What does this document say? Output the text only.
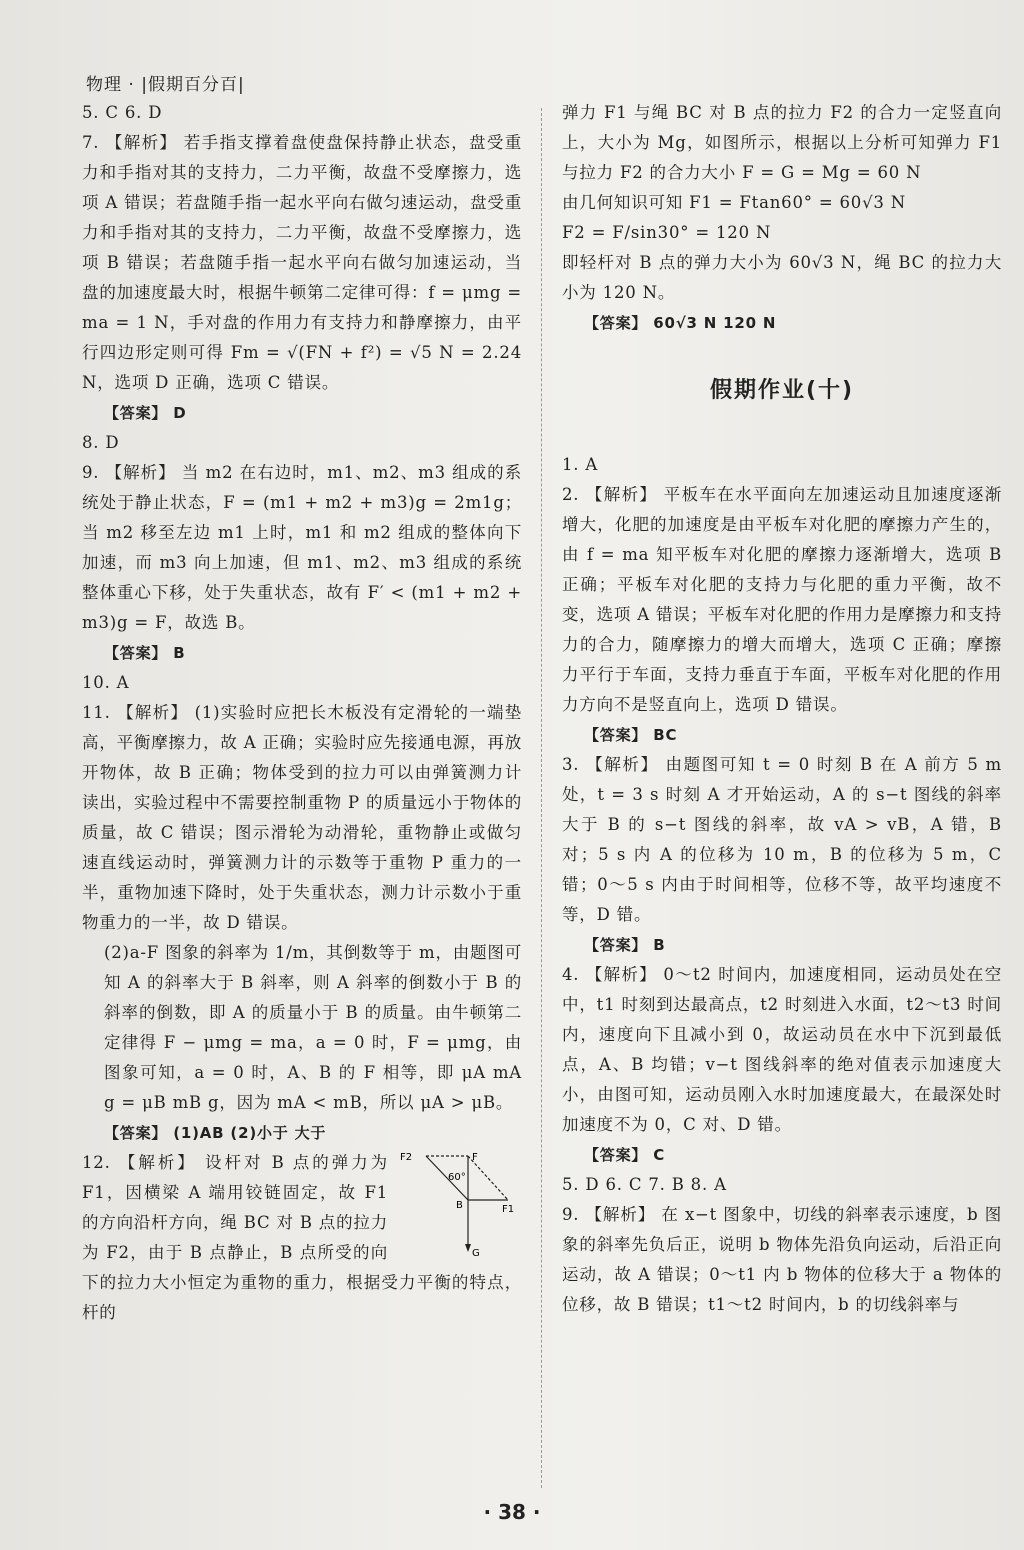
物理 · |假期百分百|

5. C 6. D

7. 【解析】 若手指支撑着盘使盘保持静止状态，盘受重力和手指对其的支持力，二力平衡，故盘不受摩擦力，选项 A 错误；若盘随手指一起水平向右做匀速运动，盘受重力和手指对其的支持力，二力平衡，故盘不受摩擦力，选项 B 错误；若盘随手指一起水平向右做匀加速运动，当盘的加速度最大时，根据牛顿第二定律可得：f = μmg = ma = 1 N，手对盘的作用力有支持力和静摩擦力，由平行四边形定则可得 Fm = √(FN + f²) = √5 N = 2.24 N，选项 D 正确，选项 C 错误。

【答案】 D

8. D

9. 【解析】 当 m2 在右边时，m1、m2、m3 组成的系统处于静止状态，F = (m1 + m2 + m3)g = 2m1g；当 m2 移至左边 m1 上时，m1 和 m2 组成的整体向下加速，而 m3 向上加速，但 m1、m2、m3 组成的系统整体重心下移，处于失重状态，故有 F′ < (m1 + m2 + m3)g = F，故选 B。

【答案】 B

10. A

11. 【解析】 (1)实验时应把长木板没有定滑轮的一端垫高，平衡摩擦力，故 A 正确；实验时应先接通电源，再放开物体，故 B 正确；物体受到的拉力可以由弹簧测力计读出，实验过程中不需要控制重物 P 的质量远小于物体的质量，故 C 错误；图示滑轮为动滑轮，重物静止或做匀速直线运动时，弹簧测力计的示数等于重物 P 重力的一半，重物加速下降时，处于失重状态，测力计示数小于重物重力的一半，故 D 错误。

(2)a-F 图象的斜率为 1/m，其倒数等于 m，由题图可知 A 的斜率大于 B 斜率，则 A 斜率的倒数小于 B 的斜率的倒数，即 A 的质量小于 B 的质量。由牛顿第二定律得 F − μmg = ma，a = 0 时，F = μmg，由图象可知，a = 0 时，A、B 的 F 相等，即 μA mA g = μB mB g，因为 mA < mB，所以 μA > μB。

【答案】 (1)AB (2)小于 大于

F2	F
60°
B	F1
G

12. 【解析】 设杆对 B 点的弹力为 F1，因横梁 A 端用铰链固定，故 F1 的方向沿杆方向，绳 BC 对 B 点的拉力为 F2，由于 B 点静止，B 点所受的向下的拉力大小恒定为重物的重力，根据受力平衡的特点，杆的

弹力 F1 与绳 BC 对 B 点的拉力 F2 的合力一定竖直向上，大小为 Mg，如图所示，根据以上分析可知弹力 F1 与拉力 F2 的合力大小 F = G = Mg = 60 N

由几何知识可知 F1 = Ftan60° = 60√3 N

F2 = F/sin30° = 120 N

即轻杆对 B 点的弹力大小为 60√3 N，绳 BC 的拉力大小为 120 N。

【答案】 60√3 N 120 N

假期作业(十)

1. A

2. 【解析】 平板车在水平面向左加速运动且加速度逐渐增大，化肥的加速度是由平板车对化肥的摩擦力产生的，由 f = ma 知平板车对化肥的摩擦力逐渐增大，选项 B 正确；平板车对化肥的支持力与化肥的重力平衡，故不变，选项 A 错误；平板车对化肥的作用力是摩擦力和支持力的合力，随摩擦力的增大而增大，选项 C 正确；摩擦力平行于车面，支持力垂直于车面，平板车对化肥的作用力方向不是竖直向上，选项 D 错误。

【答案】 BC

3. 【解析】 由题图可知 t = 0 时刻 B 在 A 前方 5 m 处，t = 3 s 时刻 A 才开始运动，A 的 s−t 图线的斜率大于 B 的 s−t 图线的斜率，故 vA > vB，A 错，B 对；5 s 内 A 的位移为 10 m，B 的位移为 5 m，C 错；0～5 s 内由于时间相等，位移不等，故平均速度不等，D 错。

【答案】 B

4. 【解析】 0～t2 时间内，加速度相同，运动员处在空中，t1 时刻到达最高点，t2 时刻进入水面，t2～t3 时间内，速度向下且减小到 0，故运动员在水中下沉到最低点，A、B 均错；v−t 图线斜率的绝对值表示加速度大小，由图可知，运动员刚入水时加速度最大，在最深处时加速度不为 0，C 对、D 错。

【答案】 C

5. D 6. C 7. B 8. A

9. 【解析】 在 x−t 图象中，切线的斜率表示速度，b 图象的斜率先负后正，说明 b 物体先沿负向运动，后沿正向运动，故 A 错误；0～t1 内 b 物体的位移大于 a 物体的位移，故 B 错误；t1～t2 时间内，b 的切线斜率与

· 38 ·
